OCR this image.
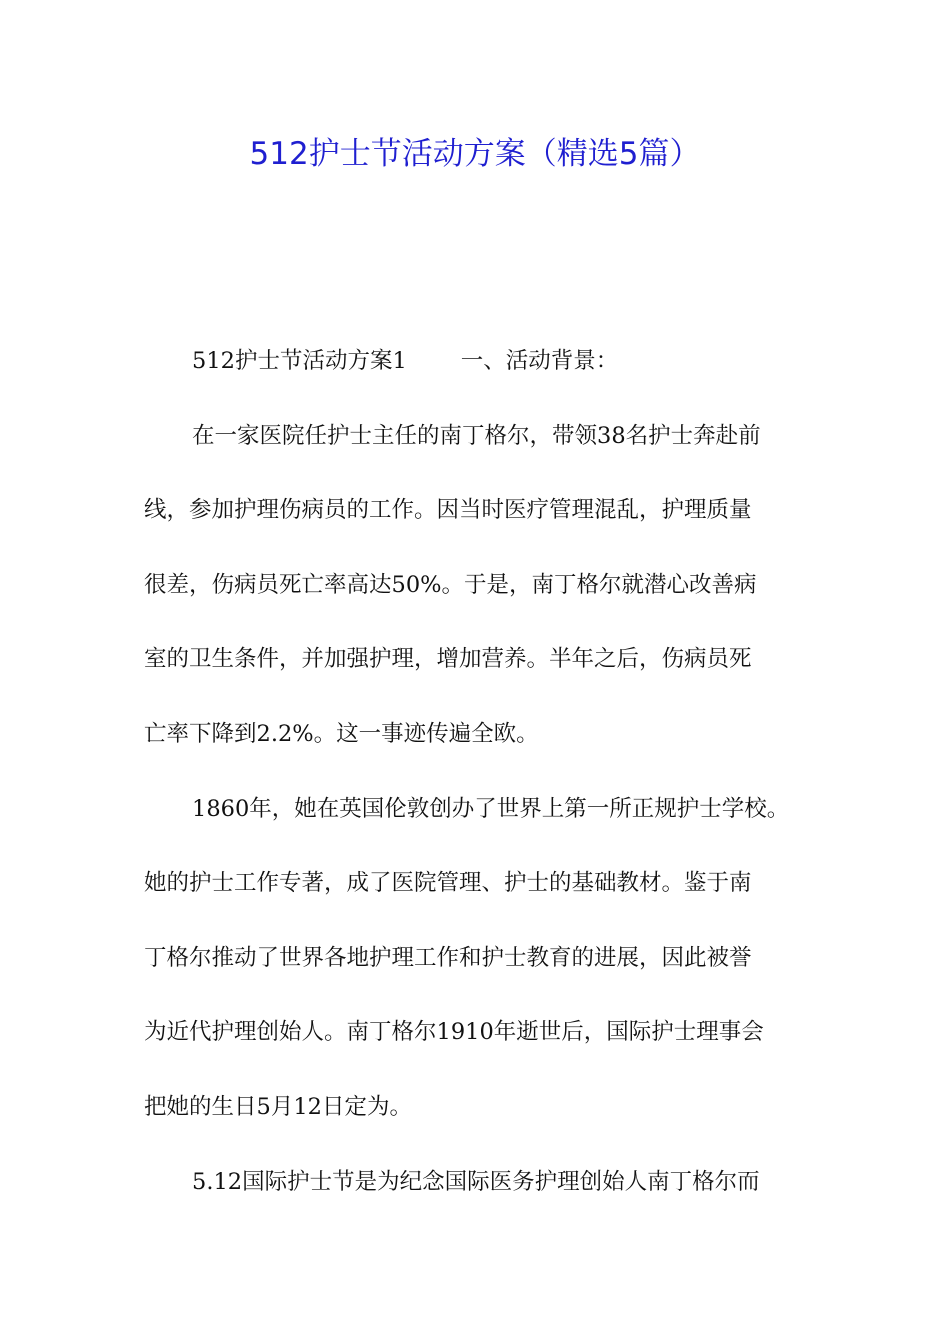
512护士节活动方案（精选5篇）
512护士节活动方案1 一、活动背景：
在一家医院任护士主任的南丁格尔，带领38名护士奔赴前
线，参加护理伤病员的工作。因当时医疗管理混乱，护理质量
很差，伤病员死亡率高达50%。于是，南丁格尔就潜心改善病
室的卫生条件，并加强护理，增加营养。半年之后，伤病员死
亡率下降到2.2%。这一事迹传遍全欧。
1860年，她在英国伦敦创办了世界上第一所正规护士学校。
她的护士工作专著，成了医院管理、护士的基础教材。鉴于南
丁格尔推动了世界各地护理工作和护士教育的进展，因此被誉
为近代护理创始人。南丁格尔1910年逝世后，国际护士理事会
把她的生日5月12日定为。
5.12国际护士节是为纪念国际医务护理创始人南丁格尔而
